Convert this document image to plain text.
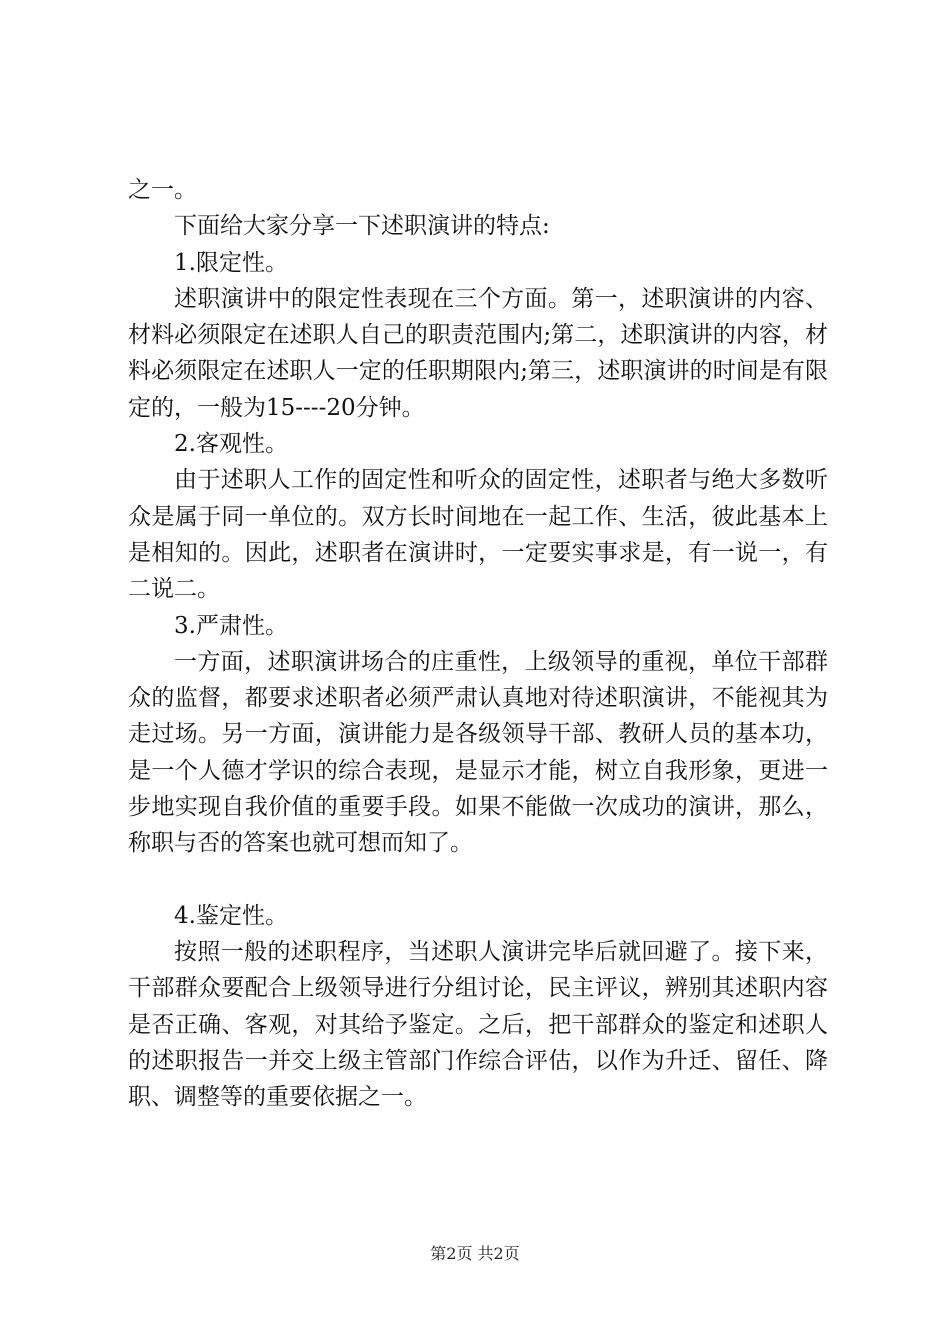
之一。

下面给大家分享一下述职演讲的特点:

1.限定性。

述职演讲中的限定性表现在三个方面。第一，述职演讲的内容、材料必须限定在述职人自己的职责范围内;第二，述职演讲的内容，材料必须限定在述职人一定的任职期限内;第三，述职演讲的时间是有限定的，一般为15----20分钟。

2.客观性。

由于述职人工作的固定性和听众的固定性，述职者与绝大多数听众是属于同一单位的。双方长时间地在一起工作、生活，彼此基本上是相知的。因此，述职者在演讲时，一定要实事求是，有一说一，有二说二。

3.严肃性。

一方面，述职演讲场合的庄重性，上级领导的重视，单位干部群众的监督，都要求述职者必须严肃认真地对待述职演讲，不能视其为走过场。另一方面，演讲能力是各级领导干部、教研人员的基本功，是一个人德才学识的综合表现，是显示才能，树立自我形象，更进一步地实现自我价值的重要手段。如果不能做一次成功的演讲，那么，称职与否的答案也就可想而知了。

4.鉴定性。

按照一般的述职程序，当述职人演讲完毕后就回避了。接下来，干部群众要配合上级领导进行分组讨论，民主评议，辨别其述职内容是否正确、客观，对其给予鉴定。之后，把干部群众的鉴定和述职人的述职报告一并交上级主管部门作综合评估，以作为升迁、留任、降职、调整等的重要依据之一。

第2页 共2页
